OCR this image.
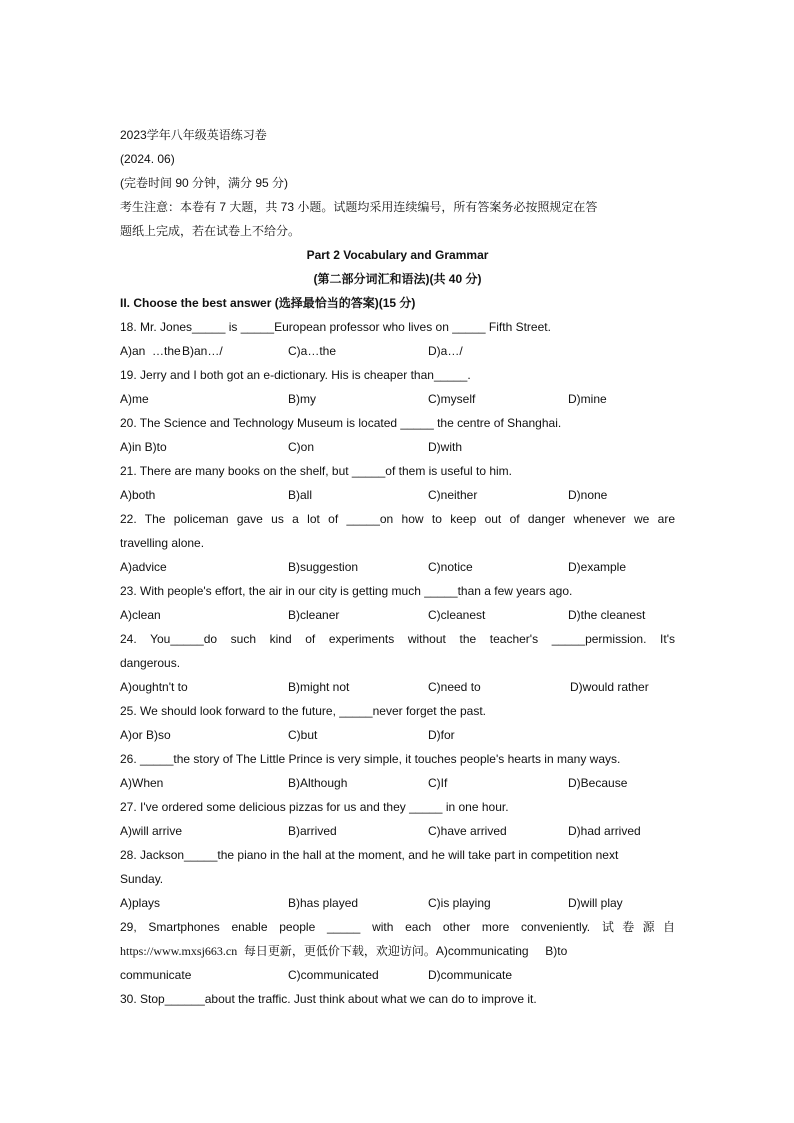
2023学年八年级英语练习卷
(2024. 06)
(完卷时间 90 分钟，满分 95 分)
考生注意：本卷有 7 大题，共 73 小题。试题均采用连续编号，所有答案务必按照规定在答
题纸上完成，若在试卷上不给分。
Part 2 Vocabulary and Grammar
(第二部分词汇和语法)(共 40 分)
II. Choose the best answer (选择最恰当的答案)(15 分)
18. Mr. Jones_____ is _____European professor who lives on _____ Fifth Street.
A)an  …the B)an…/	C)a…the	D)a…/
19. Jerry and I both got an e-dictionary. His is cheaper than_____.
A)me	B)my	C)myself	D)mine
20. The Science and Technology Museum is located _____ the centre of Shanghai.
A)in B)to	C)on	D)with
21. There are many books on the shelf, but _____of them is useful to him.
A)both	B)all	C)neither	D)none
22. The policeman gave us a lot of _____on how to keep out of danger whenever we are
travelling alone.
A)advice	B)suggestion	C)notice	D)example
23. With people's effort, the air in our city is getting much _____than a few years ago.
A)clean	B)cleaner	C)cleanest	D)the cleanest
24. You_____do such kind of experiments without the teacher's _____permission. It's
dangerous.
A)oughtn't to	B)might not	C)need to	D)would rather
25. We should look forward to the future, _____never forget the past.
A)or B)so	C)but	D)for
26. _____the story of The Little Prince is very simple, it touches people's hearts in many ways.
A)When	B)Although	C)If	D)Because
27. I've ordered some delicious pizzas for us and they _____ in one hour.
A)will arrive	B)arrived	C)have arrived	D)had arrived
28. Jackson_____the piano in the hall at the moment, and he will take part in competition next
Sunday.
A)plays	B)has played	C)is playing	D)will play
29, Smartphones enable people _____ with each other more conveniently. 试卷源自
https://www.mxsj663.cn  每日更新，更低价下载，欢迎访问。A)communicating     B)to
communicate	C)communicated	D)communicate
30. Stop______about the traffic. Just think about what we can do to improve it.
